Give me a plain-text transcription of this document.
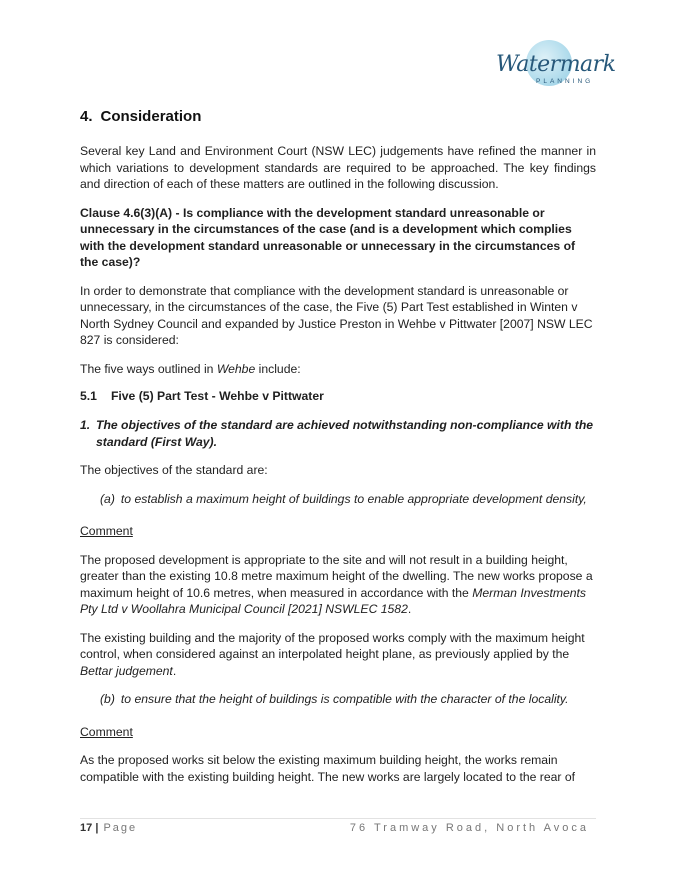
Watermark
PLANNING
4. Consideration

Several key Land and Environment Court (NSW LEC) judgements have refined the manner in which variations to development standards are required to be approached. The key findings and direction of each of these matters are outlined in the following discussion.

Clause 4.6(3)(A) - Is compliance with the development standard unreasonable or unnecessary in the circumstances of the case (and is a development which complies with the development standard unreasonable or unnecessary in the circumstances of the case)?

In order to demonstrate that compliance with the development standard is unreasonable or unnecessary, in the circumstances of the case, the Five (5) Part Test established in Winten v North Sydney Council and expanded by Justice Preston in Wehbe v Pittwater [2007] NSW LEC 827 is considered:

The five ways outlined in Wehbe include:

5.1 Five (5) Part Test - Wehbe v Pittwater
1. The objectives of the standard are achieved notwithstanding non-compliance with the standard (First Way).

The objectives of the standard are:

(a) to establish a maximum height of buildings to enable appropriate development density,

Comment

The proposed development is appropriate to the site and will not result in a building height, greater than the existing 10.8 metre maximum height of the dwelling. The new works propose a maximum height of 10.6 metres, when measured in accordance with the Merman Investments Pty Ltd v Woollahra Municipal Council [2021] NSWLEC 1582.

The existing building and the majority of the proposed works comply with the maximum height control, when considered against an interpolated height plane, as previously applied by the Bettar judgement.

(b) to ensure that the height of buildings is compatible with the character of the locality.

Comment

As the proposed works sit below the existing maximum building height, the works remain compatible with the existing building height. The new works are largely located to the rear of

17 | Page	76 Tramway Road, North Avoca
